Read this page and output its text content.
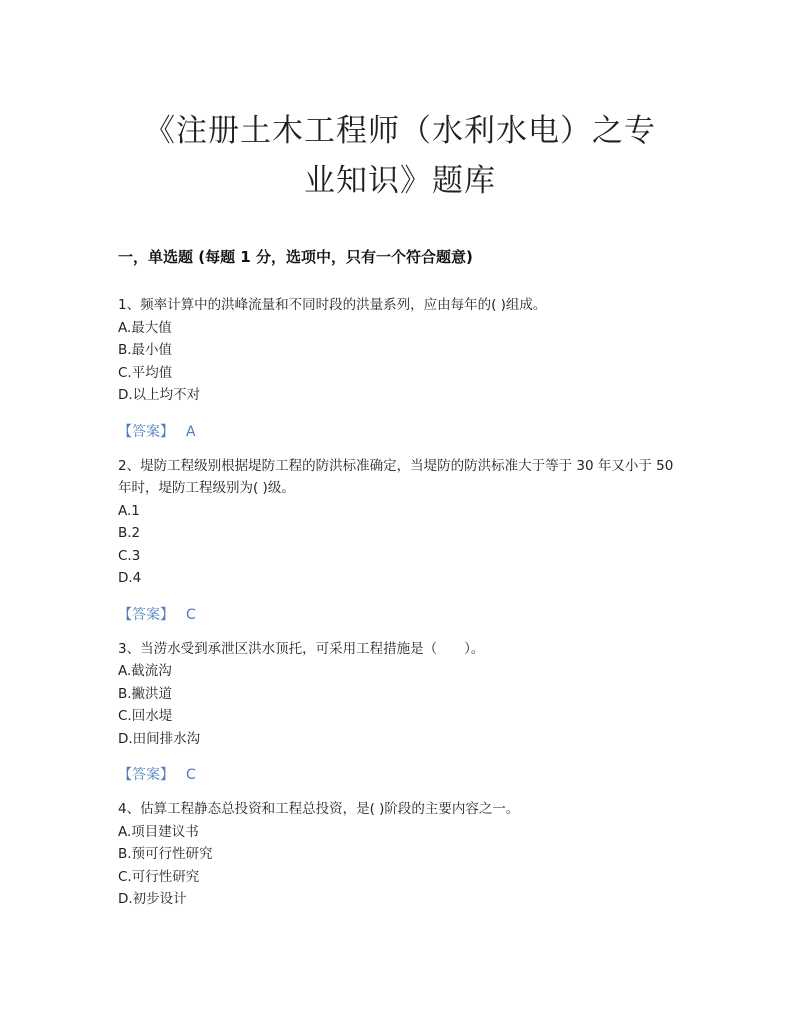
《注册土木工程师（水利水电）之专
业知识》题库
一，单选题 (每题 1 分，选项中，只有一个符合题意)

1、频率计算中的洪峰流量和不同时段的洪量系列，应由每年的( )组成。

A.最大值

B.最小值

C.平均值

D.以上均不对

【答案】 A

2、堤防工程级别根据堤防工程的防洪标准确定，当堤防的防洪标准大于等于 30 年又小于 50 年时，堤防工程级别为( )级。

A.1

B.2

C.3

D.4

【答案】 C

3、当涝水受到承泄区洪水顶托，可采用工程措施是（　　）。

A.截流沟

B.撇洪道

C.回水堤

D.田间排水沟

【答案】 C

4、估算工程静态总投资和工程总投资，是( )阶段的主要内容之一。

A.项目建议书

B.预可行性研究

C.可行性研究

D.初步设计
